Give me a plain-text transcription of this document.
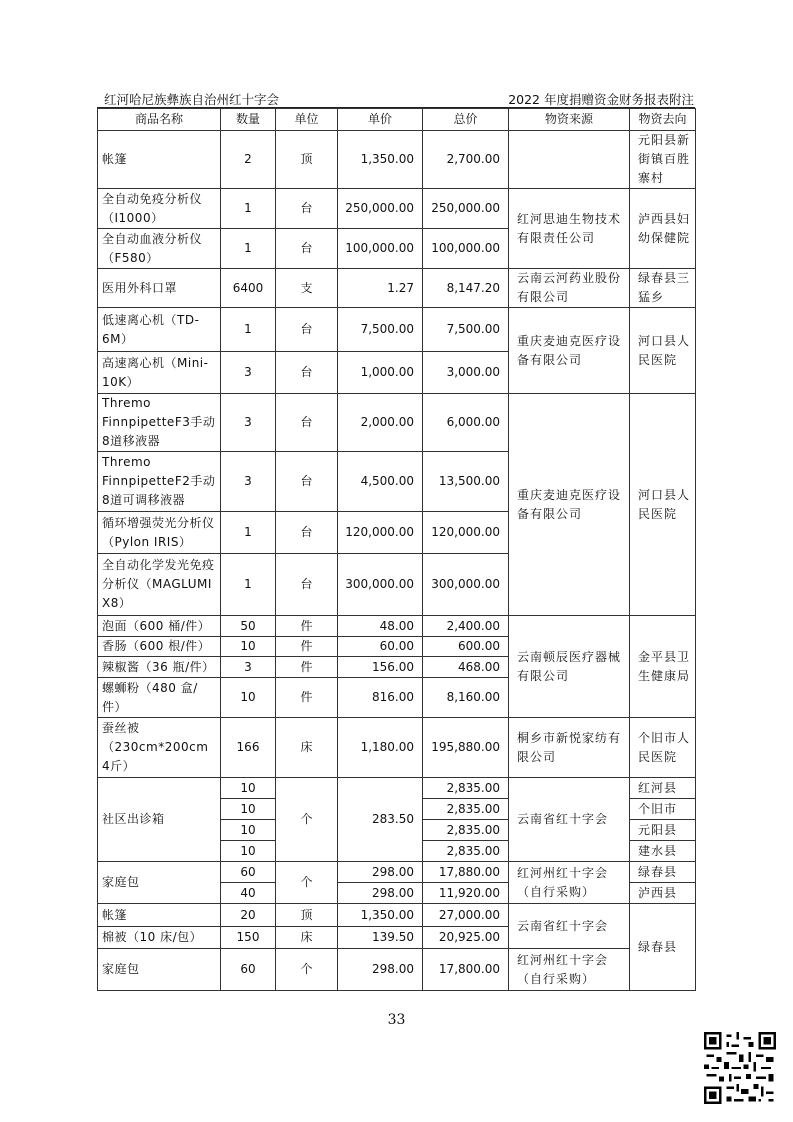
红河哈尼族彝族自治州红十字会	2022 年度捐赠资金财务报表附注
商品名称	数量	单位	单价	总价	物资来源	物资去向
帐篷	2	顶	1,350.00	2,700.00		元阳县新街镇百胜寨村
全自动免疫分析仪（I1000）	1	台	250,000.00	250,000.00	红河思迪生物技术有限责任公司	泸西县妇幼保健院
全自动血液分析仪（F580）	1	台	100,000.00	100,000.00		
医用外科口罩	6400	支	1.27	8,147.20	云南云河药业股份有限公司	绿春县三猛乡
低速离心机（TD-6M）	1	台	7,500.00	7,500.00	重庆麦迪克医疗设备有限公司	河口县人民医院
高速离心机（Mini-10K）	3	台	1,000.00	3,000.00		
Thremo FinnpipetteF3手动8道移液器	3	台	2,000.00	6,000.00	重庆麦迪克医疗设备有限公司	河口县人民医院
Thremo FinnpipetteF2手动8道可调移液器	3	台	4,500.00	13,500.00		
循环增强荧光分析仪（Pylon IRIS）	1	台	120,000.00	120,000.00		
全自动化学发光免疫分析仪（MAGLUMI X8）	1	台	300,000.00	300,000.00		
泡面（600 桶/件）	50	件	48.00	2,400.00	云南顿辰医疗器械有限公司	金平县卫生健康局
香肠（600 根/件）	10	件	60.00	600.00		
辣椒酱（36 瓶/件）	3	件	156.00	468.00		
螺蛳粉（480 盒/件）	10	件	816.00	8,160.00		
蚕丝被（230cm*200cm 4斤）	166	床	1,180.00	195,880.00	桐乡市新悦家纺有限公司	个旧市人民医院
社区出诊箱	10	个	283.50	2,835.00	云南省红十字会	红河县
	10			2,835.00		个旧市
	10			2,835.00		元阳县
	10			2,835.00		建水县
家庭包	60	个	298.00	17,880.00	红河州红十字会（自行采购）	绿春县
	40		298.00	11,920.00		泸西县
帐篷	20	顶	1,350.00	27,000.00	云南省红十字会	绿春县
棉被（10 床/包）	150	床	139.50	20,925.00		
家庭包	60	个	298.00	17,800.00	红河州红十字会（自行采购）	
33
